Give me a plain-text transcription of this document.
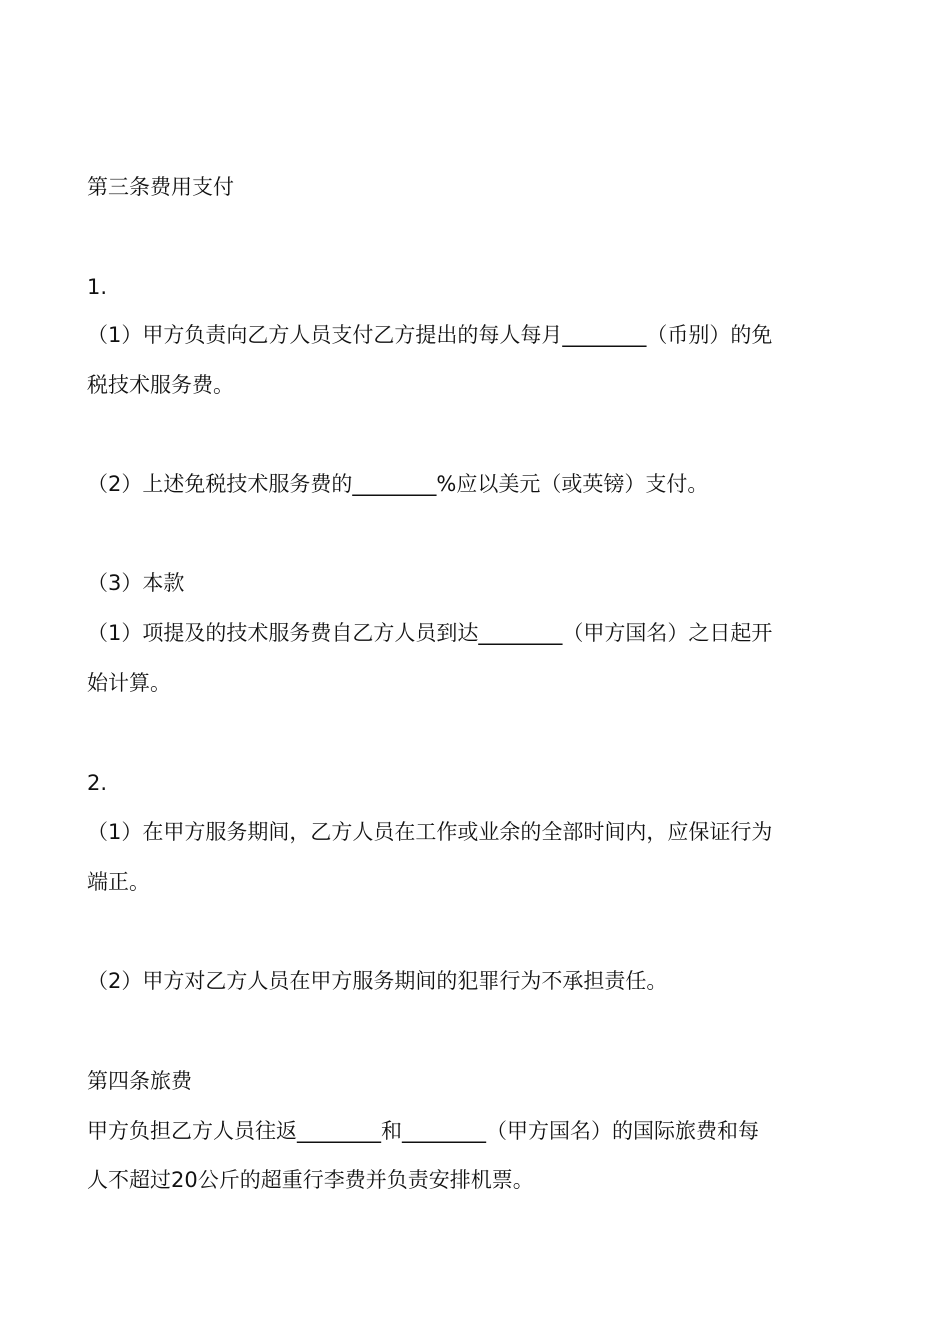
第三条费用支付
1.
（1）甲方负责向乙方人员支付乙方提出的每人每月________（币别）的免
税技术服务费。
（2）上述免税技术服务费的________%应以美元（或英镑）支付。
（3）本款
（1）项提及的技术服务费自乙方人员到达________（甲方国名）之日起开
始计算。
2.
（1）在甲方服务期间，乙方人员在工作或业余的全部时间内，应保证行为
端正。
（2）甲方对乙方人员在甲方服务期间的犯罪行为不承担责任。
第四条旅费
甲方负担乙方人员往返________和________（甲方国名）的国际旅费和每
人不超过20公斤的超重行李费并负责安排机票。
